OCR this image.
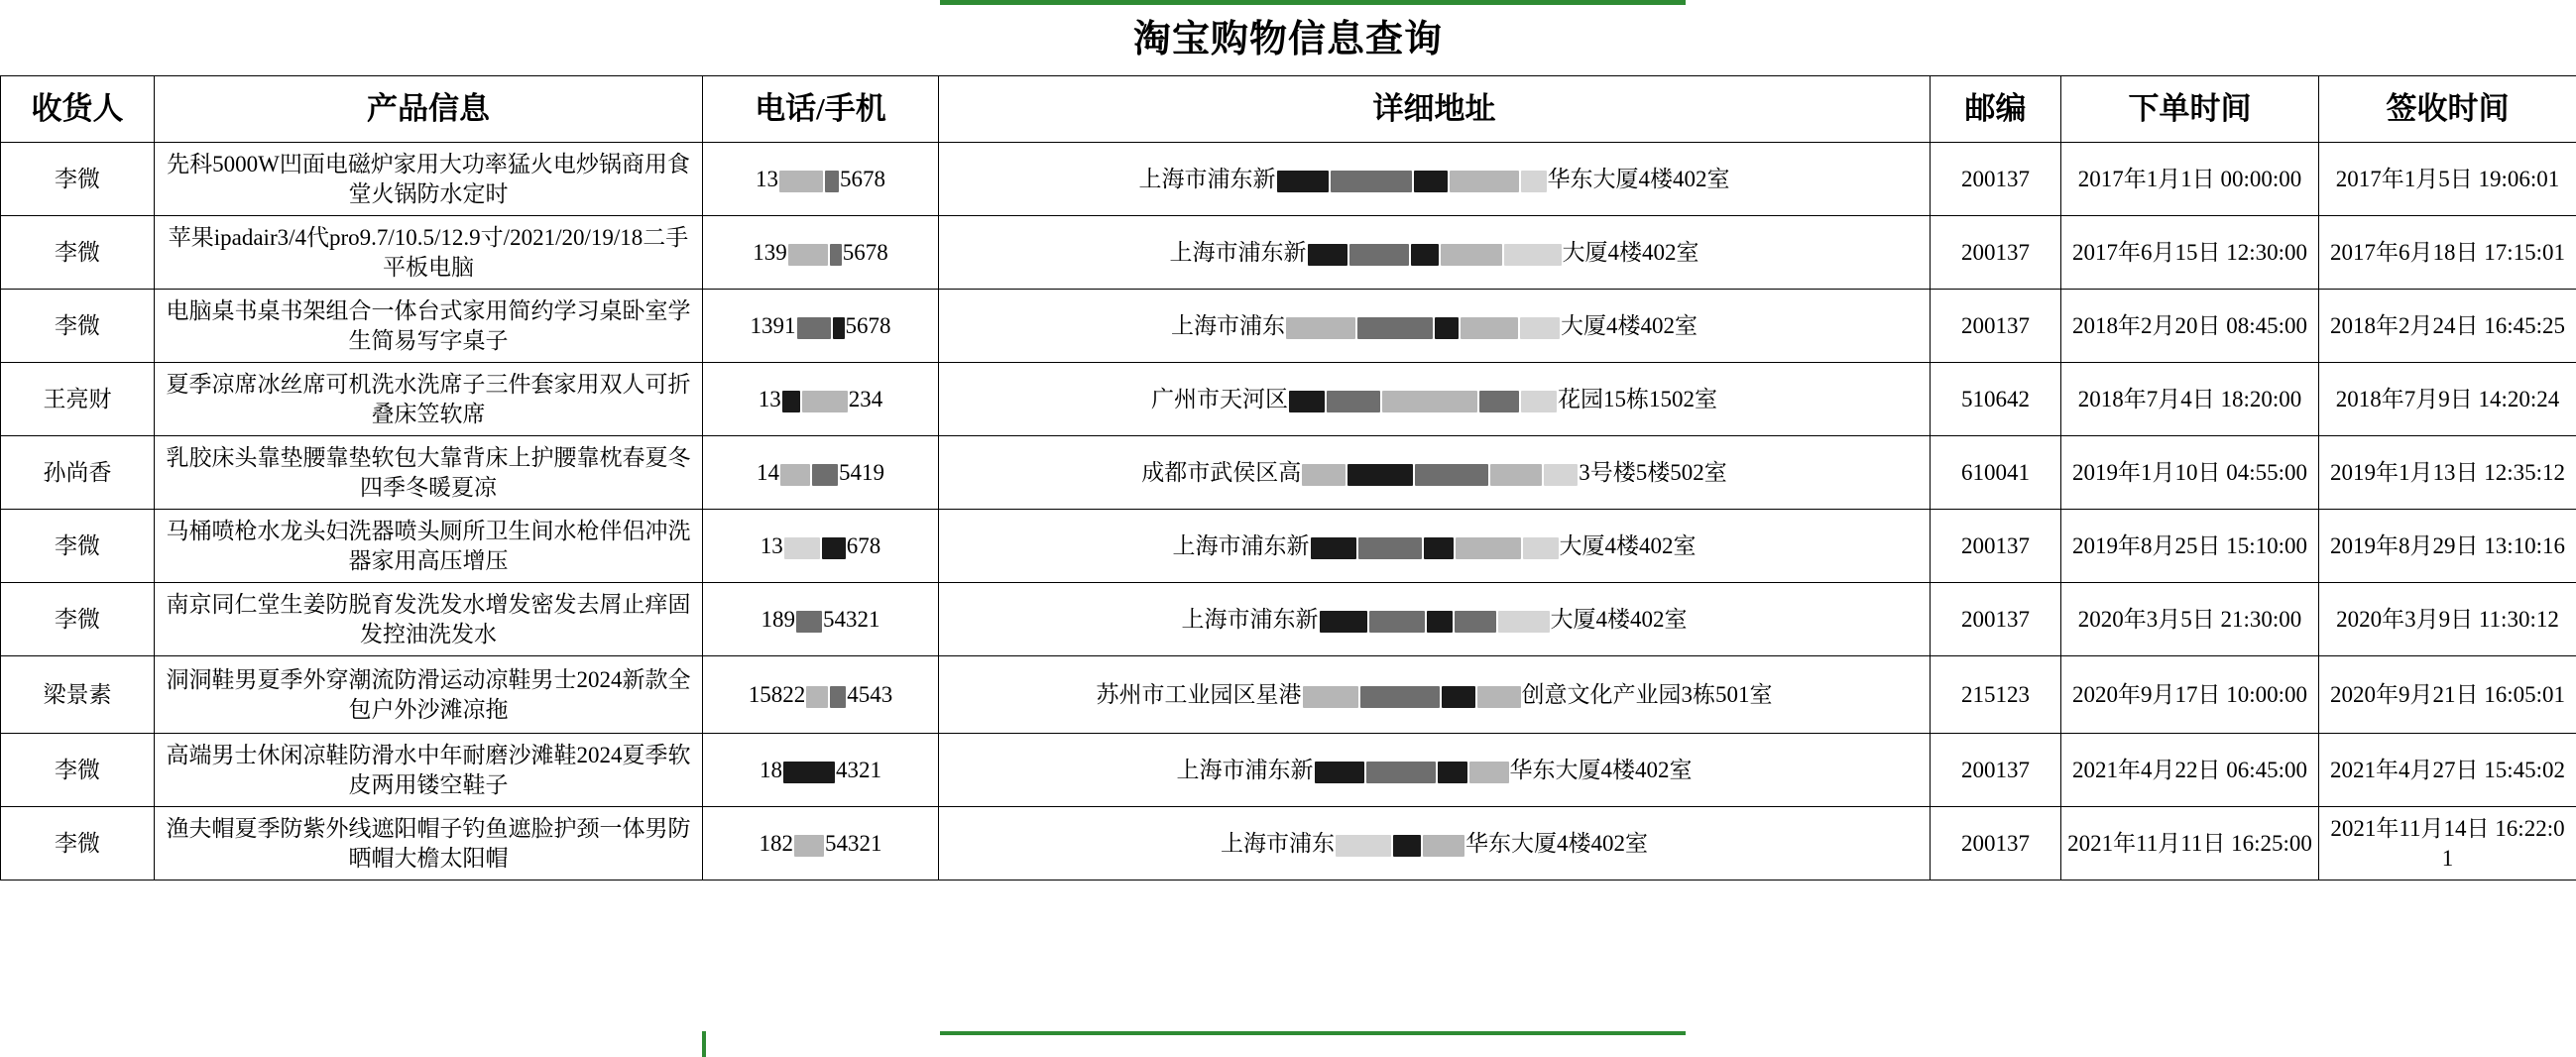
淘宝购物信息查询
收货人	产品信息	电话/手机	详细地址	邮编	下单时间	签收时间
李微	先科5000W凹面电磁炉家用大功率猛火电炒锅商用食堂火锅防水定时	13 5678	上海市浦东新 华东大厦4楼402室	200137	2017年1月1日 00:00:00	2017年1月5日 19:06:01
李微	苹果ipadair3/4代pro9.7/10.5/12.9寸/2021/20/19/18二手平板电脑	139 5678	上海市浦东新 大厦4楼402室	200137	2017年6月15日 12:30:00	2017年6月18日 17:15:01
李微	电脑桌书桌书架组合一体台式家用简约学习桌卧室学生简易写字桌子	1391 5678	上海市浦东 大厦4楼402室	200137	2018年2月20日 08:45:00	2018年2月24日 16:45:25
王亮财	夏季凉席冰丝席可机洗水洗席子三件套家用双人可折叠床笠软席	13 234	广州市天河区 花园15栋1502室	510642	2018年7月4日 18:20:00	2018年7月9日 14:20:24
孙尚香	乳胶床头靠垫腰靠垫软包大靠背床上护腰靠枕春夏冬四季冬暖夏凉	14 5419	成都市武侯区高 3号楼5楼502室	610041	2019年1月10日 04:55:00	2019年1月13日 12:35:12
李微	马桶喷枪水龙头妇洗器喷头厕所卫生间水枪伴侣冲洗器家用高压增压	13 678	上海市浦东新 大厦4楼402室	200137	2019年8月25日 15:10:00	2019年8月29日 13:10:16
李微	南京同仁堂生姜防脱育发洗发水增发密发去屑止痒固发控油洗发水	189 54321	上海市浦东新 大厦4楼402室	200137	2020年3月5日 21:30:00	2020年3月9日 11:30:12
梁景素	洞洞鞋男夏季外穿潮流防滑运动凉鞋男士2024新款全包户外沙滩凉拖	15822 4543	苏州市工业园区星港 创意文化产业园3栋501室	215123	2020年9月17日 10:00:00	2020年9月21日 16:05:01
李微	高端男士休闲凉鞋防滑水中年耐磨沙滩鞋2024夏季软皮两用镂空鞋子	18 4321	上海市浦东新 华东大厦4楼402室	200137	2021年4月22日 06:45:00	2021年4月27日 15:45:02
李微	渔夫帽夏季防紫外线遮阳帽子钓鱼遮脸护颈一体男防晒帽大檐太阳帽	182 54321	上海市浦东 华东大厦4楼402室	200137	2021年11月11日 16:25:00	2021年11月14日 16:22:01
